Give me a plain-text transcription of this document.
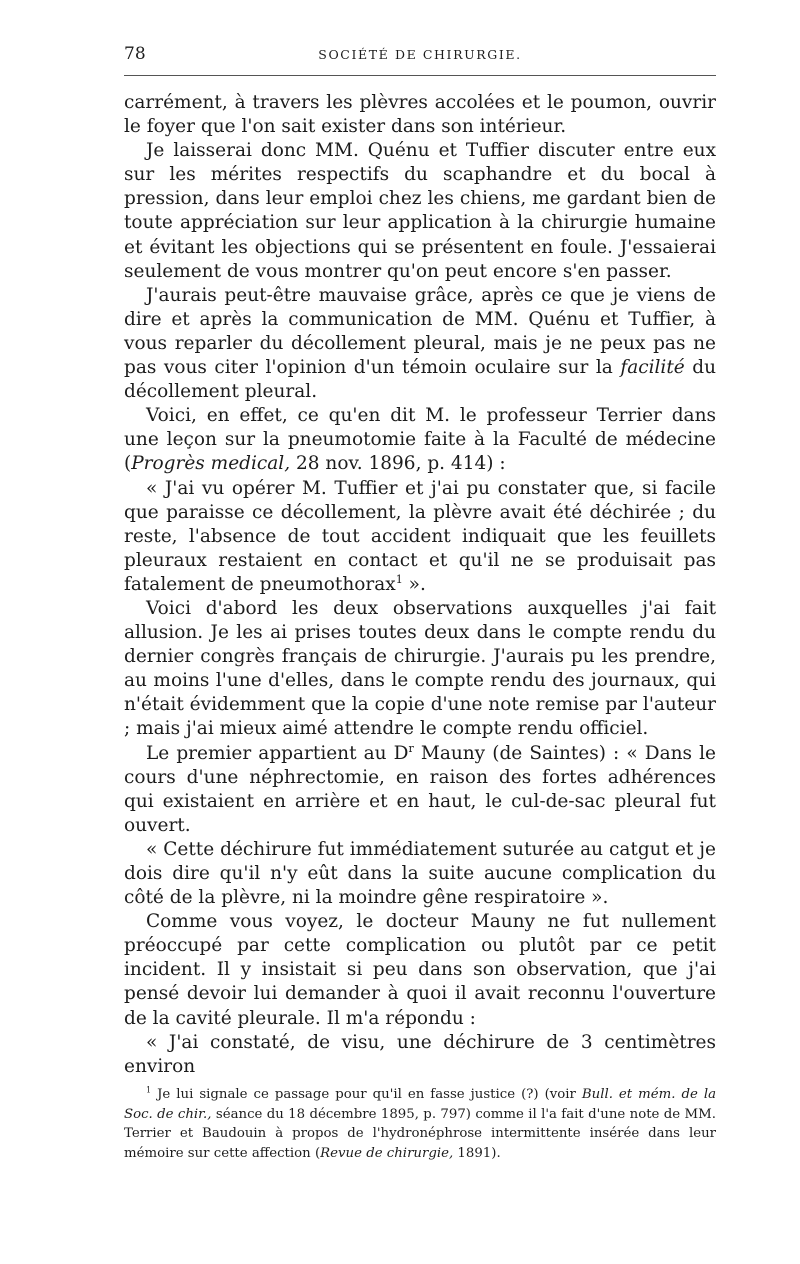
78	SOCIÉTÉ DE CHIRURGIE.

carrément, à travers les plèvres accolées et le poumon, ouvrir le foyer que l'on sait exister dans son intérieur.

Je laisserai donc MM. Quénu et Tuffier discuter entre eux sur les mérites respectifs du scaphandre et du bocal à pression, dans leur emploi chez les chiens, me gardant bien de toute appréciation sur leur application à la chirurgie humaine et évitant les objections qui se présentent en foule. J'essaierai seulement de vous montrer qu'on peut encore s'en passer.

J'aurais peut-être mauvaise grâce, après ce que je viens de dire et après la communication de MM. Quénu et Tuffier, à vous reparler du décollement pleural, mais je ne peux pas ne pas vous citer l'opinion d'un témoin oculaire sur la facilité du décollement pleural.

Voici, en effet, ce qu'en dit M. le professeur Terrier dans une leçon sur la pneumotomie faite à la Faculté de médecine (Progrès medical, 28 nov. 1896, p. 414) :

« J'ai vu opérer M. Tuffier et j'ai pu constater que, si facile que paraisse ce décollement, la plèvre avait été déchirée ; du reste, l'absence de tout accident indiquait que les feuillets pleuraux restaient en contact et qu'il ne se produisait pas fatalement de pneumothorax$^1$ ».

Voici d'abord les deux observations auxquelles j'ai fait allusion. Je les ai prises toutes deux dans le compte rendu du dernier congrès français de chirurgie. J'aurais pu les prendre, au moins l'une d'elles, dans le compte rendu des journaux, qui n'était évidemment que la copie d'une note remise par l'auteur ; mais j'ai mieux aimé attendre le compte rendu officiel.

Le premier appartient au $D^r$ Mauny (de Saintes) : « Dans le cours d'une néphrectomie, en raison des fortes adhérences qui existaient en arrière et en haut, le cul-de-sac pleural fut ouvert.

« Cette déchirure fut immédiatement suturée au catgut et je dois dire qu'il n'y eût dans la suite aucune complication du côté de la plèvre, ni la moindre gêne respiratoire ».

Comme vous voyez, le docteur Mauny ne fut nullement préoccupé par cette complication ou plutôt par ce petit incident. Il y insistait si peu dans son observation, que j'ai pensé devoir lui demander à quoi il avait reconnu l'ouverture de la cavité pleurale. Il m'a répondu :

« J'ai constaté, de visu, une déchirure de 3 centimètres environ

$^1$ Je lui signale ce passage pour qu'il en fasse justice (?) (voir Bull. et mém. de la Soc. de chir., séance du 18 décembre 1895, p. 797) comme il l'a fait d'une note de MM. Terrier et Baudouin à propos de l'hydronéphrose intermittente insérée dans leur mémoire sur cette affection (Revue de chirurgie, 1891).
